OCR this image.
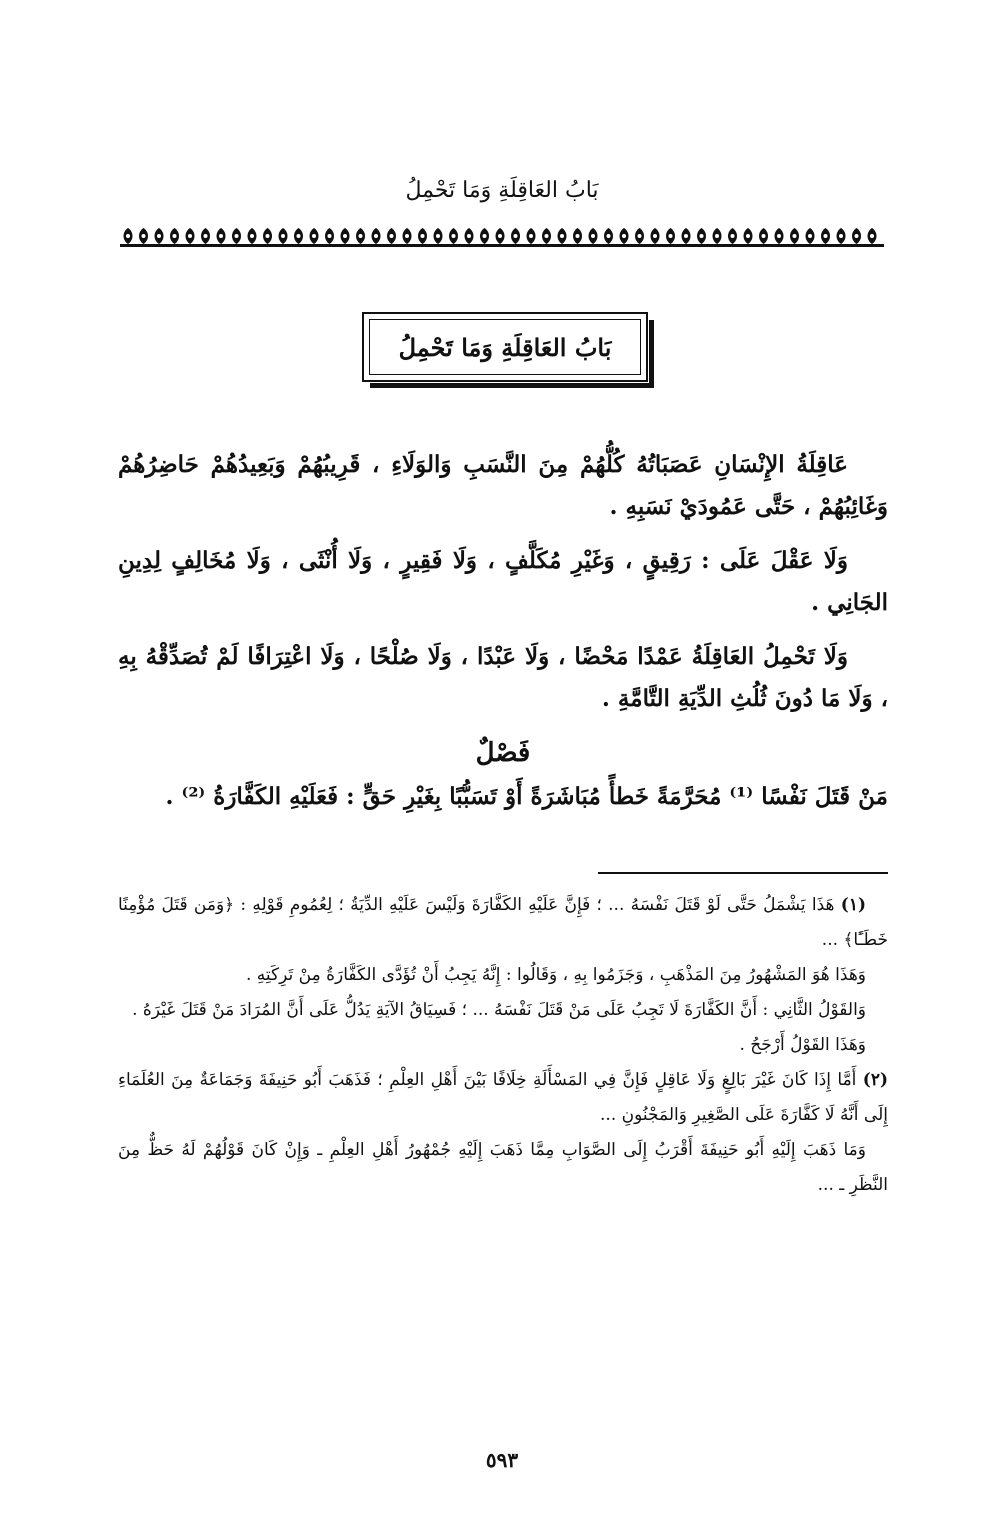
بَابُ العَاقِلَةِ وَمَا تَحْمِلُ
بَابُ العَاقِلَةِ وَمَا تَحْمِلُ

عَاقِلَةُ الإِنْسَانِ عَصَبَاتُهُ كُلُّهُمْ مِنَ النَّسَبِ وَالوَلَاءِ ، قَرِيبُهُمْ وَبَعِيدُهُمْ حَاضِرُهُمْ وَغَائِبُهُمْ ، حَتَّى عَمُودَيْ نَسَبِهِ .

وَلَا عَقْلَ عَلَى : رَقِيقٍ ، وَغَيْرِ مُكَلَّفٍ ، وَلَا فَقِيرٍ ، وَلَا أُنْثَى ، وَلَا مُخَالِفٍ لِدِينِ الجَانِي .

وَلَا تَحْمِلُ العَاقِلَةُ عَمْدًا مَحْضًا ، وَلَا عَبْدًا ، وَلَا صُلْحًا ، وَلَا اعْتِرَافًا لَمْ تُصَدِّقْهُ بِهِ ، وَلَا مَا دُونَ ثُلُثِ الدِّيَةِ التَّامَّةِ .

فَصْلٌ

مَنْ قَتَلَ نَفْسًا ⁽¹⁾ مُحَرَّمَةً خَطأً مُبَاشَرَةً أَوْ تَسَبُّبًا بِغَيْرِ حَقٍّ : فَعَلَيْهِ الكَفَّارَةُ ⁽²⁾ .

(١) هَذَا يَشْمَلُ حَتَّى لَوْ قَتَلَ نَفْسَهُ ... ؛ فَإِنَّ عَلَيْهِ الكَفَّارَةَ وَلَيْسَ عَلَيْهِ الدِّيَةُ ؛ لِعُمُومِ قَوْلِهِ : ﴿وَمَن قَتَلَ مُؤْمِنًا خَطَـًٔا﴾ ...

وَهَذَا هُوَ المَشْهُورُ مِنَ المَذْهَبِ ، وَجَزَمُوا بِهِ ، وَقَالُوا : إِنَّهُ يَجِبُ أَنْ تُؤَدَّى الكَفَّارَةُ مِنْ تَرِكَتِهِ .

وَالقَوْلُ الثَّانِي : أَنَّ الكَفَّارَةَ لَا تَجِبُ عَلَى مَنْ قَتَلَ نَفْسَهُ ... ؛ فَسِيَاقُ الآيَةِ يَدُلُّ عَلَى أَنَّ المُرَادَ مَنْ قَتَلَ غَيْرَهُ .

وَهَذَا القَوْلُ أَرْجَحُ .

(٢) أَمَّا إِذَا كَانَ غَيْرَ بَالِغٍ وَلَا عَاقِلٍ فَإِنَّ فِي المَسْأَلَةِ خِلَافًا بَيْنَ أَهْلِ العِلْمِ ؛ فَذَهَبَ أَبُو حَنِيفَةَ وَجَمَاعَةٌ مِنَ العُلَمَاءِ إِلَى أَنَّهُ لَا كَفَّارَةَ عَلَى الصَّغِيرِ وَالمَجْنُونِ ...

وَمَا ذَهَبَ إِلَيْهِ أَبُو حَنِيفَةَ أَقْرَبُ إِلَى الصَّوَابِ مِمَّا ذَهَبَ إِلَيْهِ جُمْهُورُ أَهْلِ العِلْمِ ـ وَإِنْ كَانَ قَوْلُهُمْ لَهُ حَظٌّ مِنَ النَّظَرِ ـ ...

٥٩٣
